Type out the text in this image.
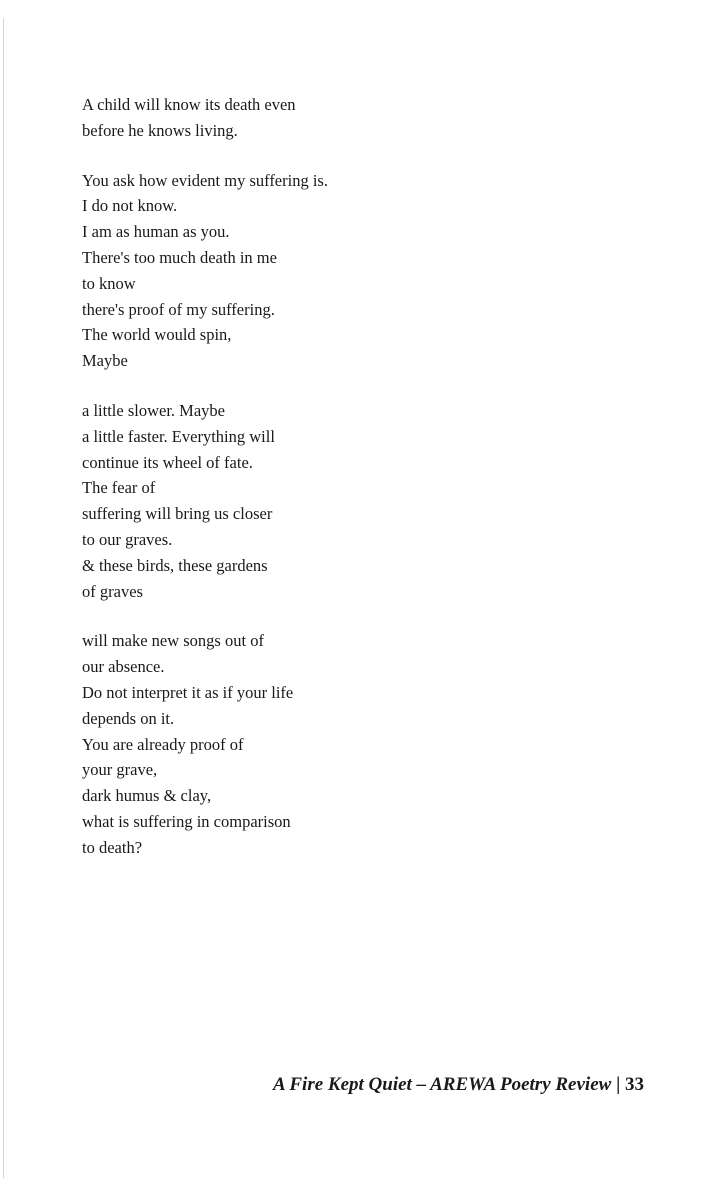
A child will know its death even
before he knows living.
You ask how evident my suffering is.
I do not know.
I am as human as you.
There's too much death in me
to know
there's proof of my suffering.
The world would spin,
Maybe
a little slower. Maybe
a little faster. Everything will
continue its wheel of fate.
The fear of
suffering will bring us closer
to our graves.
& these birds, these gardens
of graves
will make new songs out of
our absence.
Do not interpret it as if your life
depends on it.
You are already proof of
your grave,
dark humus & clay,
what is suffering in comparison
to death?
A Fire Kept Quiet – AREWA Poetry Review | 33
